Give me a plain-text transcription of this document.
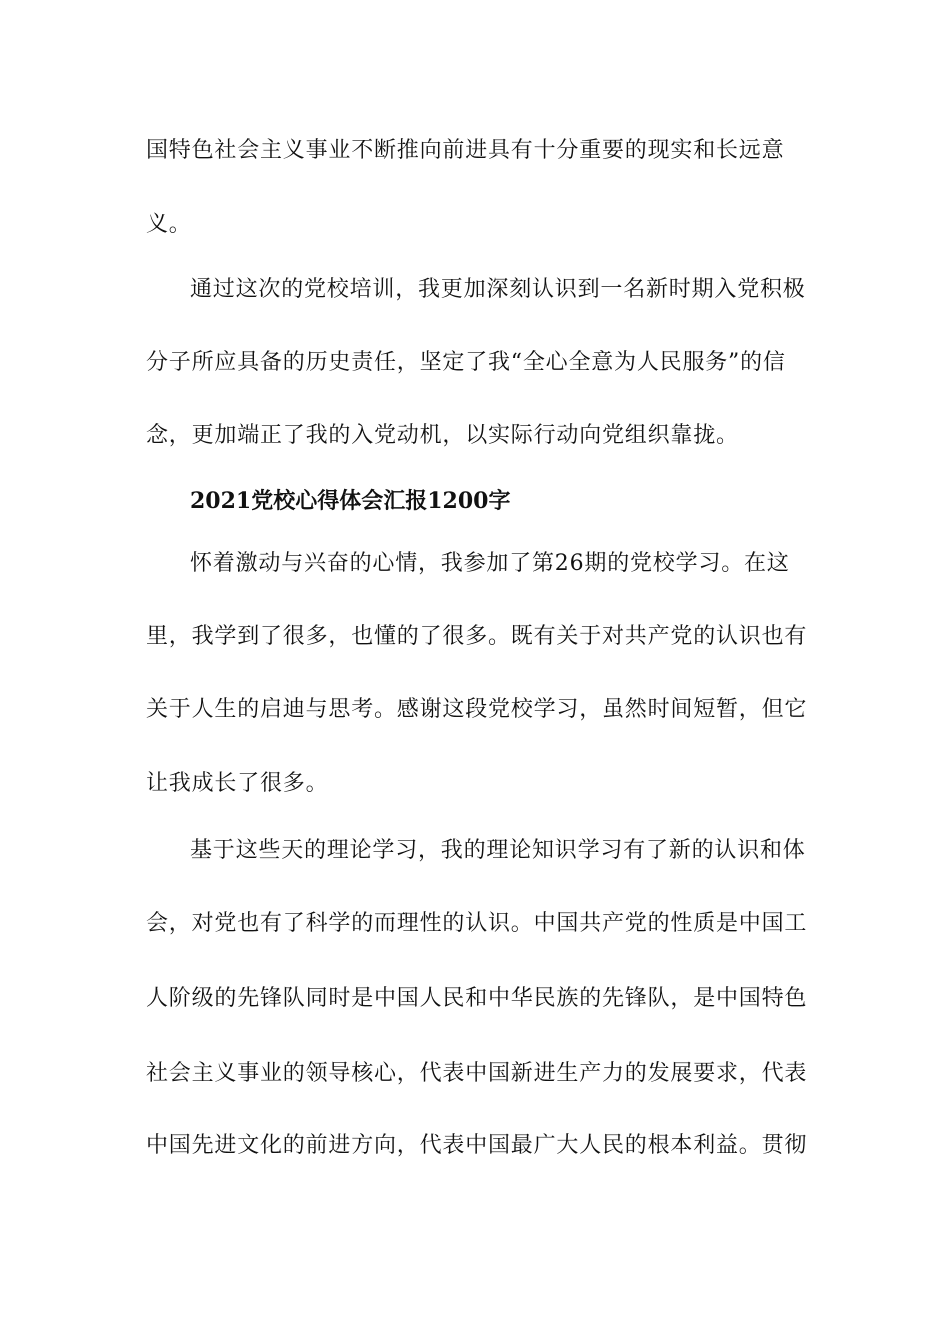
国特色社会主义事业不断推向前进具有十分重要的现实和长远意
义。
通过这次的党校培训，我更加深刻认识到一名新时期入党积极
分子所应具备的历史责任，坚定了我“全心全意为人民服务”的信
念，更加端正了我的入党动机，以实际行动向党组织靠拢。
2021党校心得体会汇报1200字
怀着激动与兴奋的心情，我参加了第26期的党校学习。在这
里，我学到了很多，也懂的了很多。既有关于对共产党的认识也有
关于人生的启迪与思考。感谢这段党校学习，虽然时间短暂，但它
让我成长了很多。
基于这些天的理论学习，我的理论知识学习有了新的认识和体
会，对党也有了科学的而理性的认识。中国共产党的性质是中国工
人阶级的先锋队同时是中国人民和中华民族的先锋队，是中国特色
社会主义事业的领导核心，代表中国新进生产力的发展要求，代表
中国先进文化的前进方向，代表中国最广大人民的根本利益。贯彻
